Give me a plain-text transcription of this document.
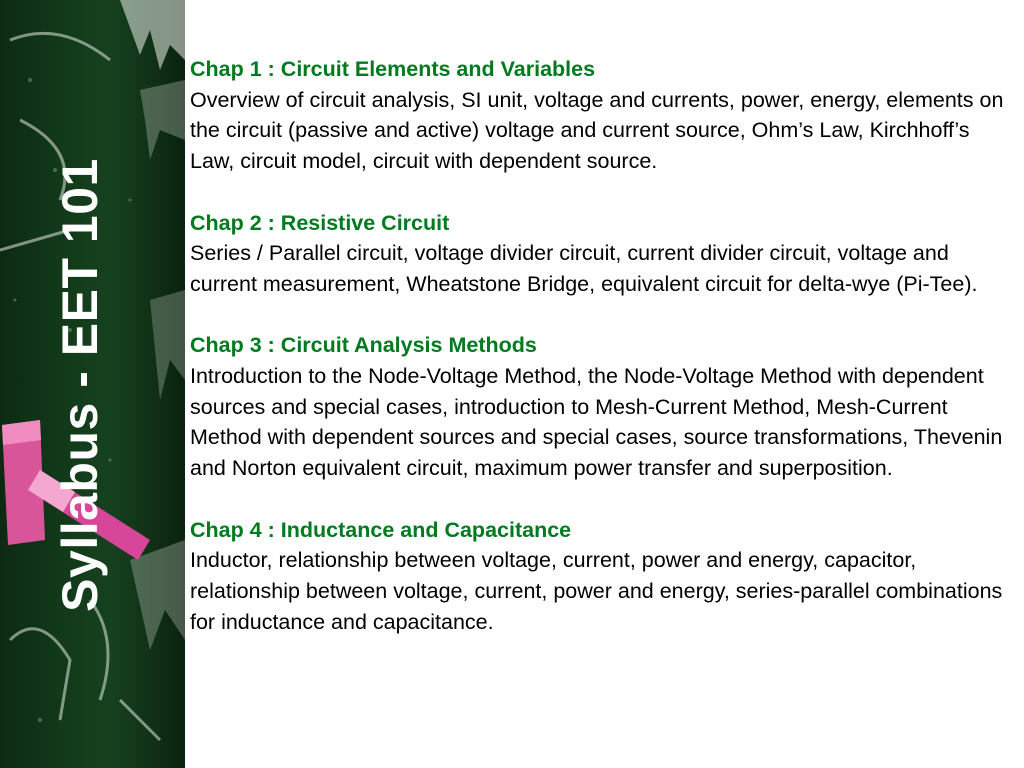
Syllabus - EET 101
Chap 1 : Circuit Elements and Variables

Overview of circuit analysis, SI unit, voltage and currents, power, energy, elements on the circuit (passive and active) voltage and current source, Ohm’s Law, Kirchhoff’s Law, circuit model, circuit with dependent source.

Chap 2 : Resistive Circuit

Series / Parallel circuit, voltage divider circuit, current divider circuit, voltage and current measurement, Wheatstone Bridge, equivalent circuit for delta-wye (Pi-Tee).

Chap 3 : Circuit Analysis Methods

Introduction to the Node-Voltage Method, the Node-Voltage Method with dependent sources and special cases, introduction to Mesh-Current Method, Mesh-Current Method with dependent sources and special cases, source transformations, Thevenin and Norton equivalent circuit, maximum power transfer and superposition.

Chap 4 : Inductance and Capacitance

Inductor, relationship between voltage, current, power and energy, capacitor, relationship between voltage, current, power and energy, series-parallel combinations for inductance and capacitance.
